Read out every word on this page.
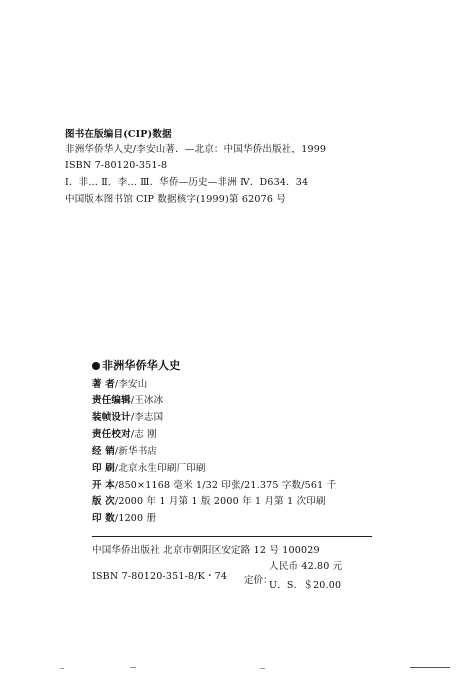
图书在版编目(CIP)数据
非洲华侨华人史/李安山著．—北京：中国华侨出版社，1999
ISBN 7-80120-351-8
Ⅰ．非… Ⅱ．李… Ⅲ．华侨—历史—非洲 Ⅳ．D634．34
中国版本图书馆 CIP 数据核字(1999)第 62076 号
非洲华侨华人史
著 者/李安山
责任编辑/王冰冰
装帧设计/李志国
责任校对/志 刚
经 销/新华书店
印 刷/北京永生印刷厂印刷
开 本/850×1168 毫米 1/32 印张/21.375 字数/561 千
版 次/2000 年 1 月第 1 版 2000 年 1 月第 1 次印刷
印 数/1200 册
中国华侨出版社 北京市朝阳区安定路 12 号 100029
ISBN 7-80120-351-8/K・74 定价：
人民币 42.80 元
U．S．＄20.00
